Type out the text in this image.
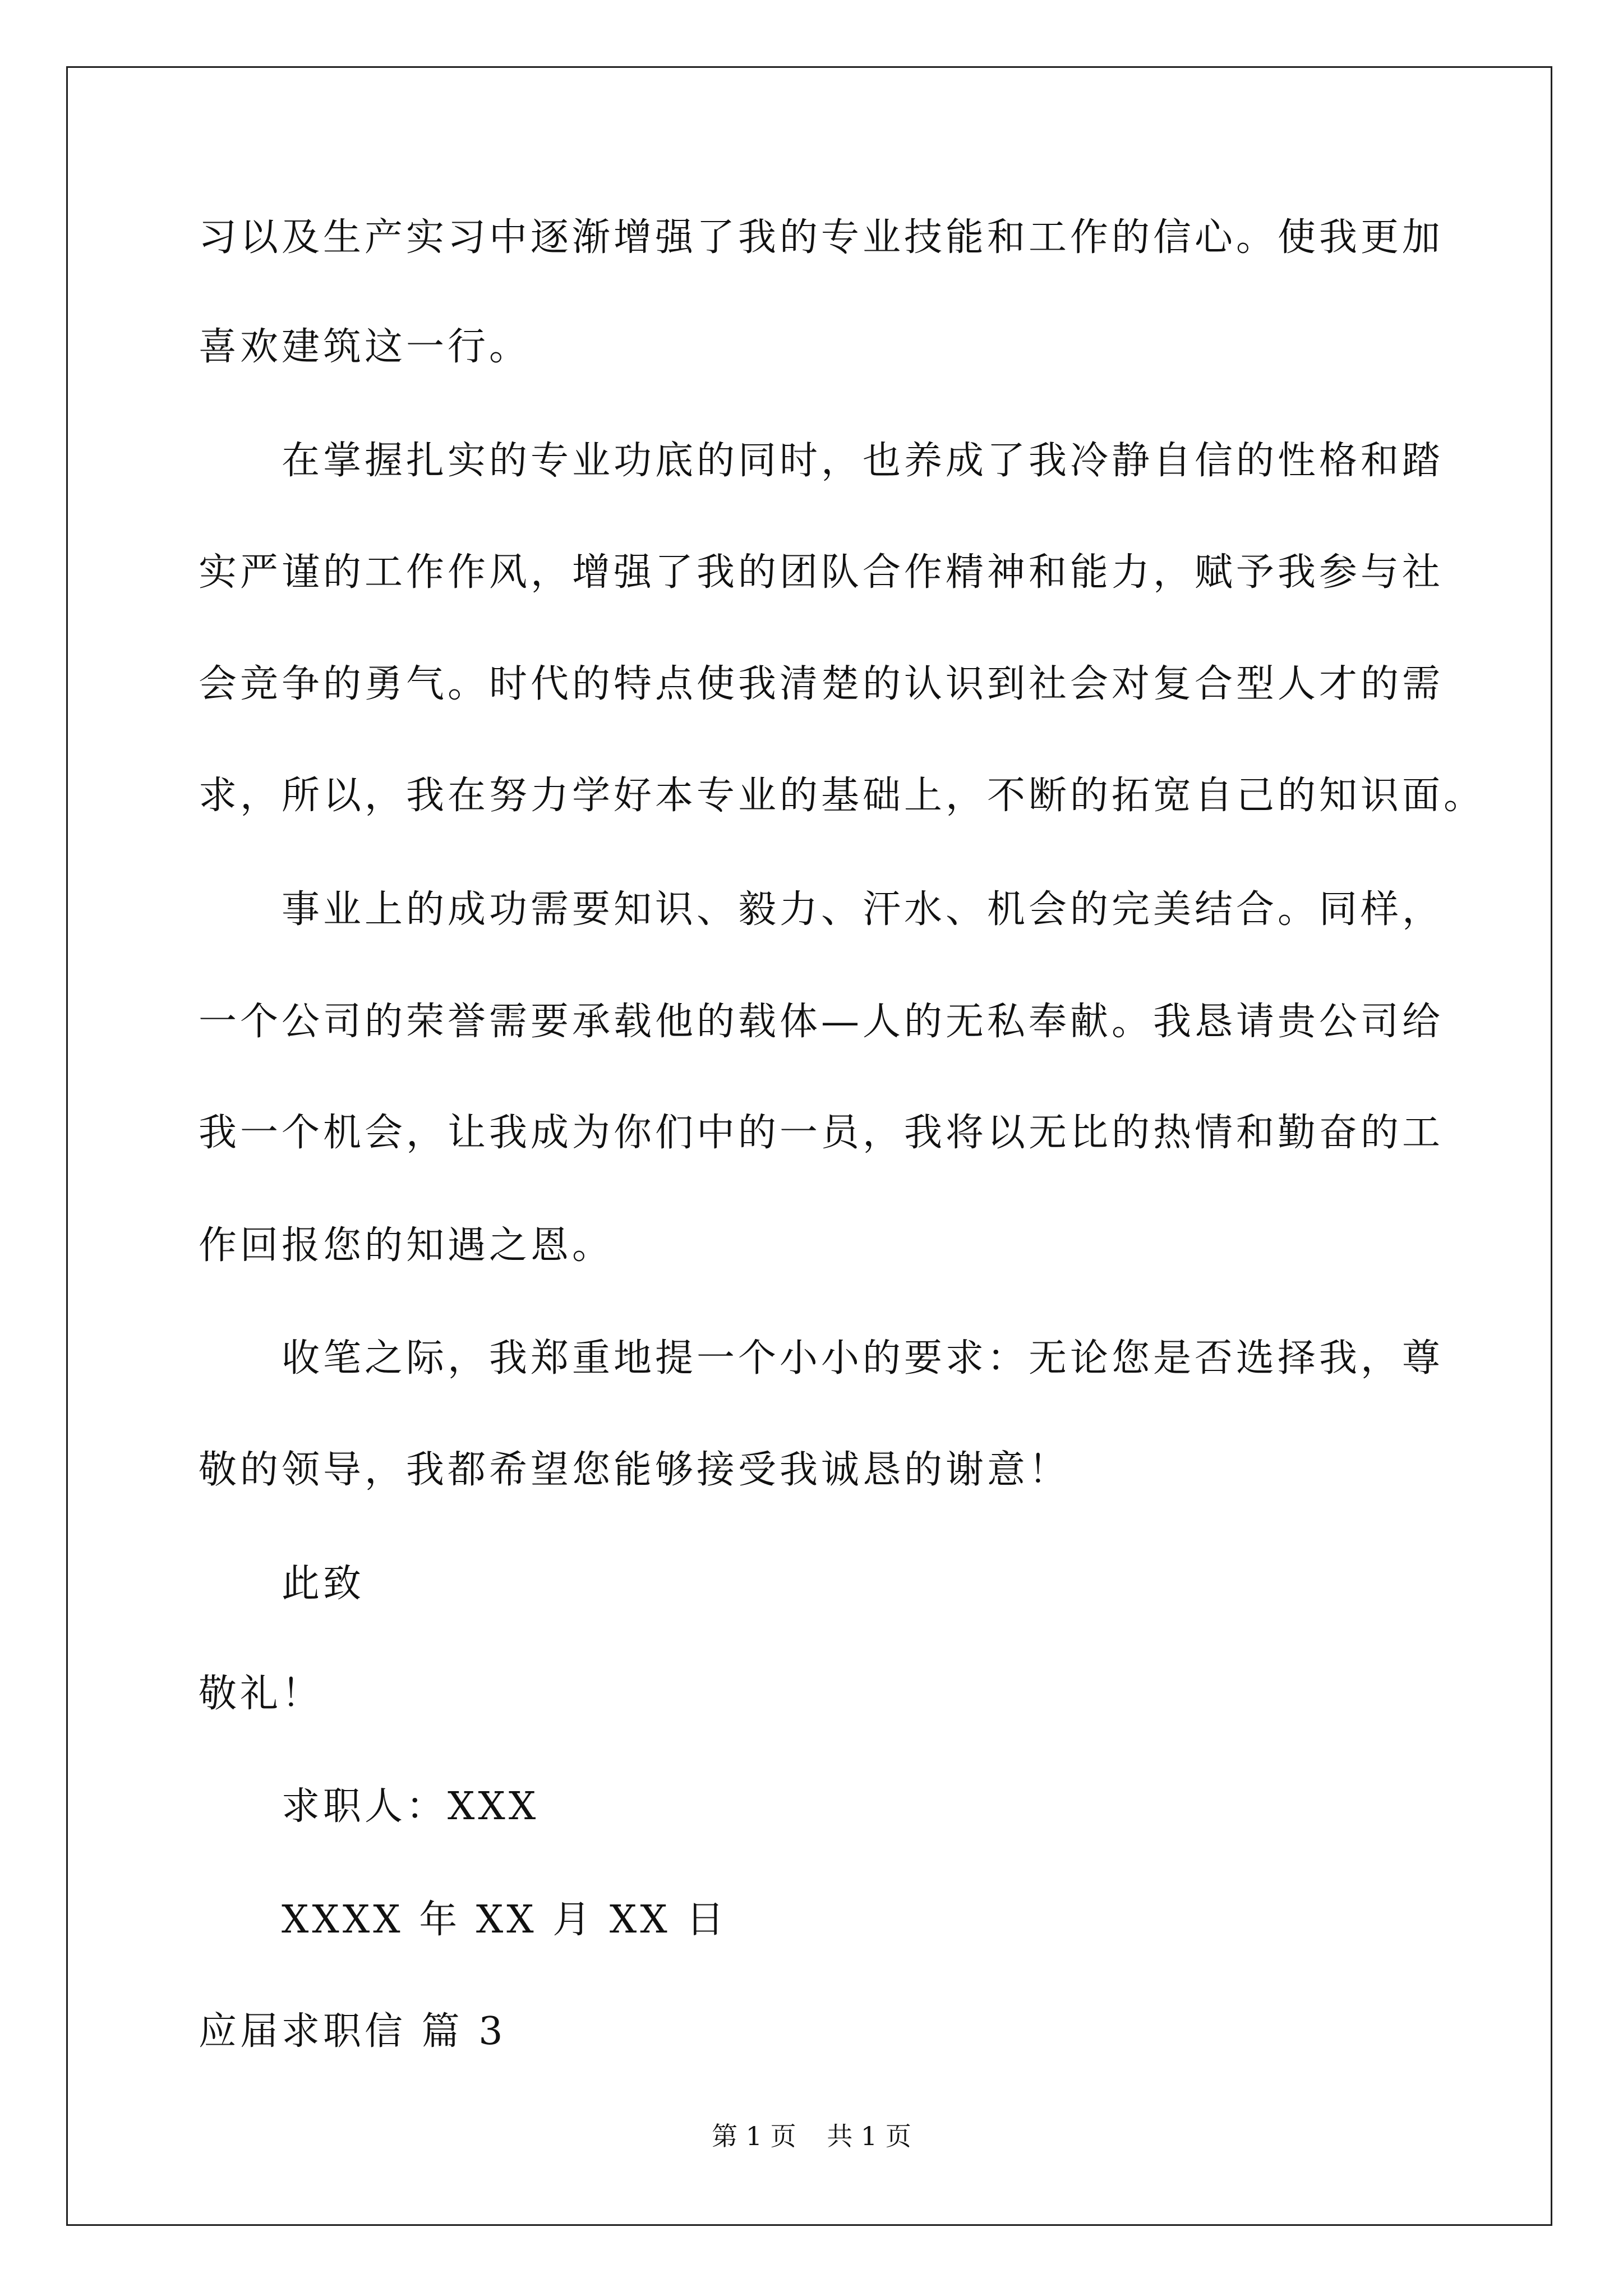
习以及生产实习中逐渐增强了我的专业技能和工作的信心。使我更加
喜欢建筑这一行。
在掌握扎实的专业功底的同时，也养成了我冷静自信的性格和踏
实严谨的工作作风，增强了我的团队合作精神和能力，赋予我参与社
会竞争的勇气。时代的特点使我清楚的认识到社会对复合型人才的需
求，所以，我在努力学好本专业的基础上，不断的拓宽自己的知识面。
事业上的成功需要知识、毅力、汗水、机会的完美结合。同样，
一个公司的荣誉需要承载他的载体—人的无私奉献。我恳请贵公司给
我一个机会，让我成为你们中的一员，我将以无比的热情和勤奋的工
作回报您的知遇之恩。
收笔之际，我郑重地提一个小小的要求：无论您是否选择我，尊
敬的领导，我都希望您能够接受我诚恳的谢意！
此致
敬礼！
求职人：XXX
XXXX 年 XX 月 XX 日
应届求职信 篇 3
第 1 页 共 1 页
